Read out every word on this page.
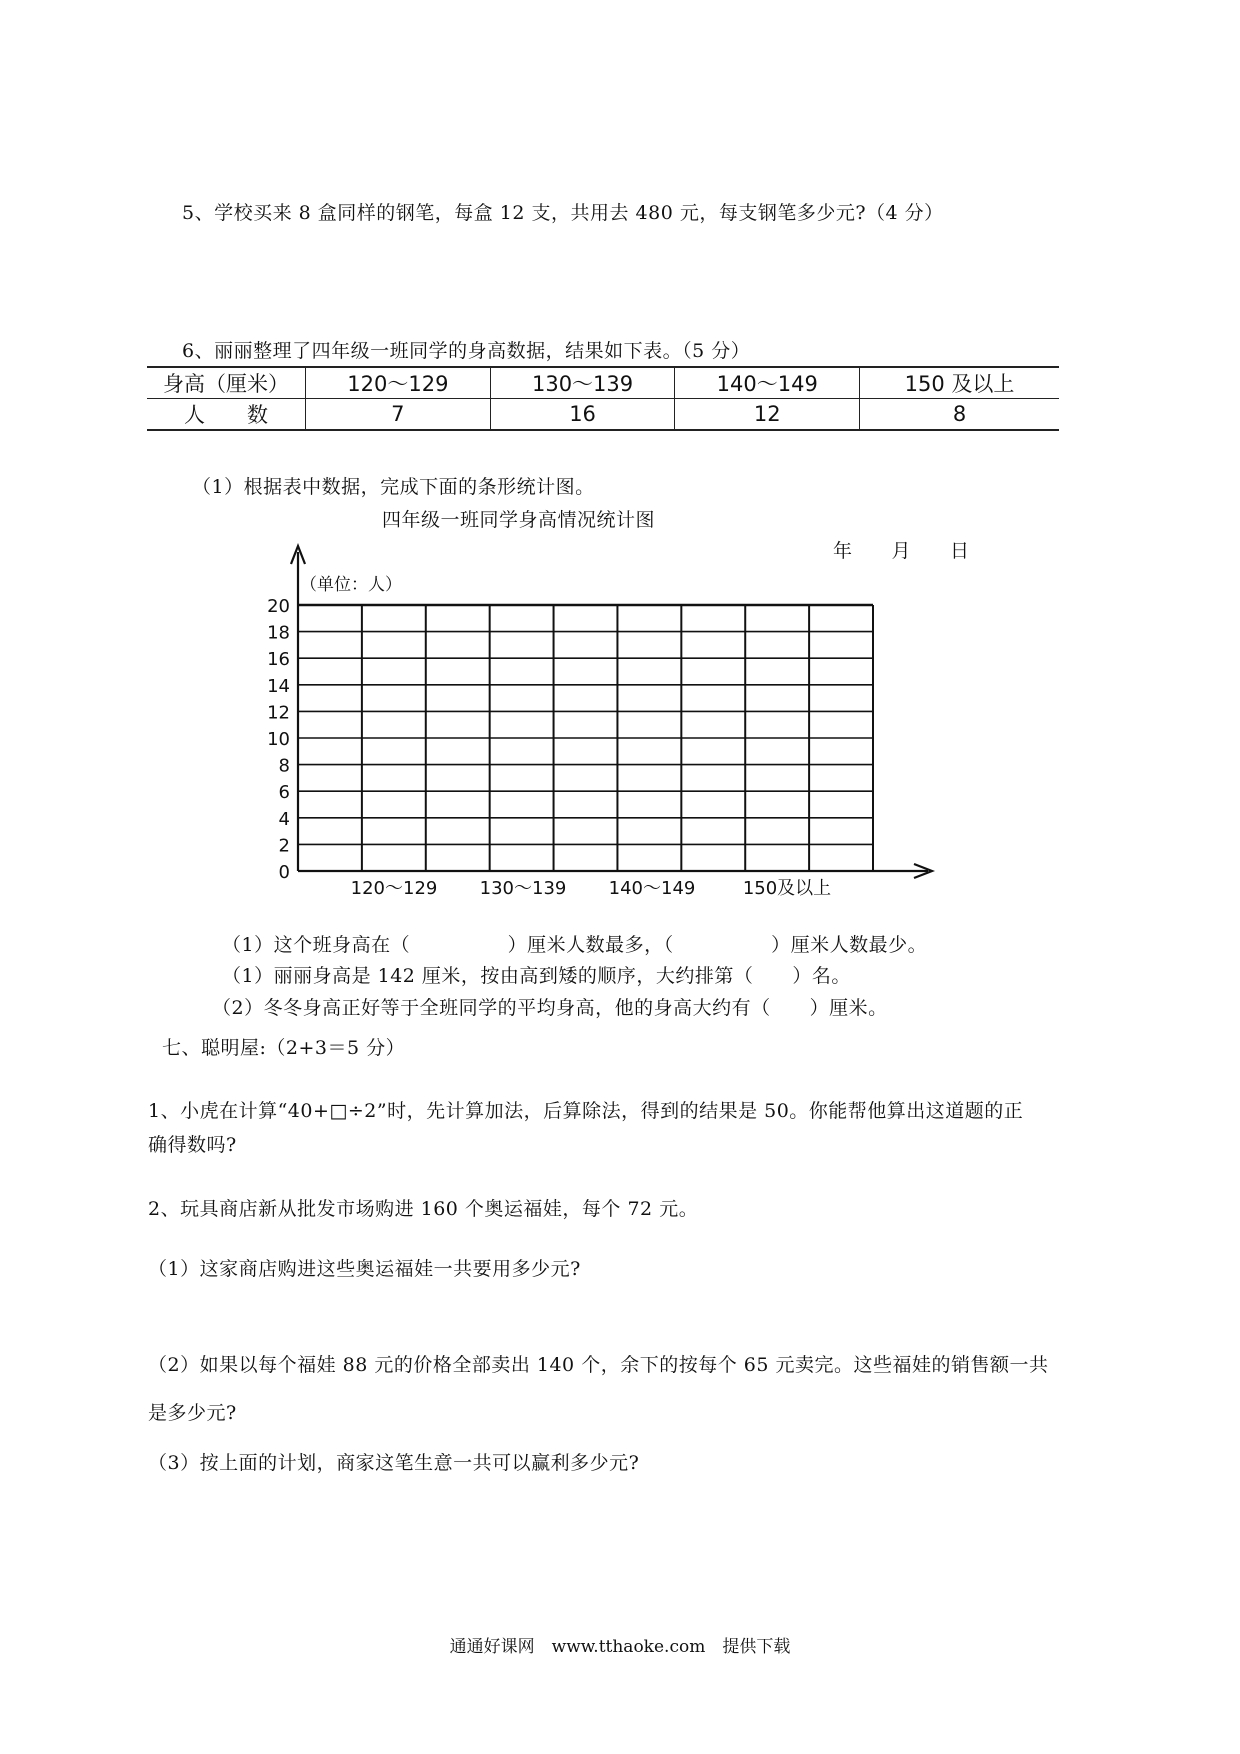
5、学校买来 8 盒同样的钢笔，每盒 12 支，共用去 480 元，每支钢笔多少元?（4 分）
6、丽丽整理了四年级一班同学的身高数据，结果如下表。（5 分）
身高（厘米）	120～129	130～139	140～149	150 及以上
人　　数	7	16	12	8
（1）根据表中数据，完成下面的条形统计图。
四年级一班同学身高情况统计图
年　　月　　日
0
2
4
6
8
10
12
14
16
18
20
120～129 130～139 140～149	150及以上
（单位：人）
（1）这个班身高在（　　　　　）厘米人数最多，（　　　　　）厘米人数最少。
（1）丽丽身高是 142 厘米，按由高到矮的顺序，大约排第（　　）名。
（2）冬冬身高正好等于全班同学的平均身高，他的身高大约有（　　）厘米。
七、聪明屋:（2+3＝5 分）
1、小虎在计算“40+□÷2”时，先计算加法，后算除法，得到的结果是 50。你能帮他算出这道题的正
确得数吗?
2、玩具商店新从批发市场购进 160 个奥运福娃，每个 72 元。
（1）这家商店购进这些奥运福娃一共要用多少元?
（2）如果以每个福娃 88 元的价格全部卖出 140 个，余下的按每个 65 元卖完。这些福娃的销售额一共
是多少元?
（3）按上面的计划，商家这笔生意一共可以赢利多少元?
通通好课网　www.tthaoke.com　提供下载
